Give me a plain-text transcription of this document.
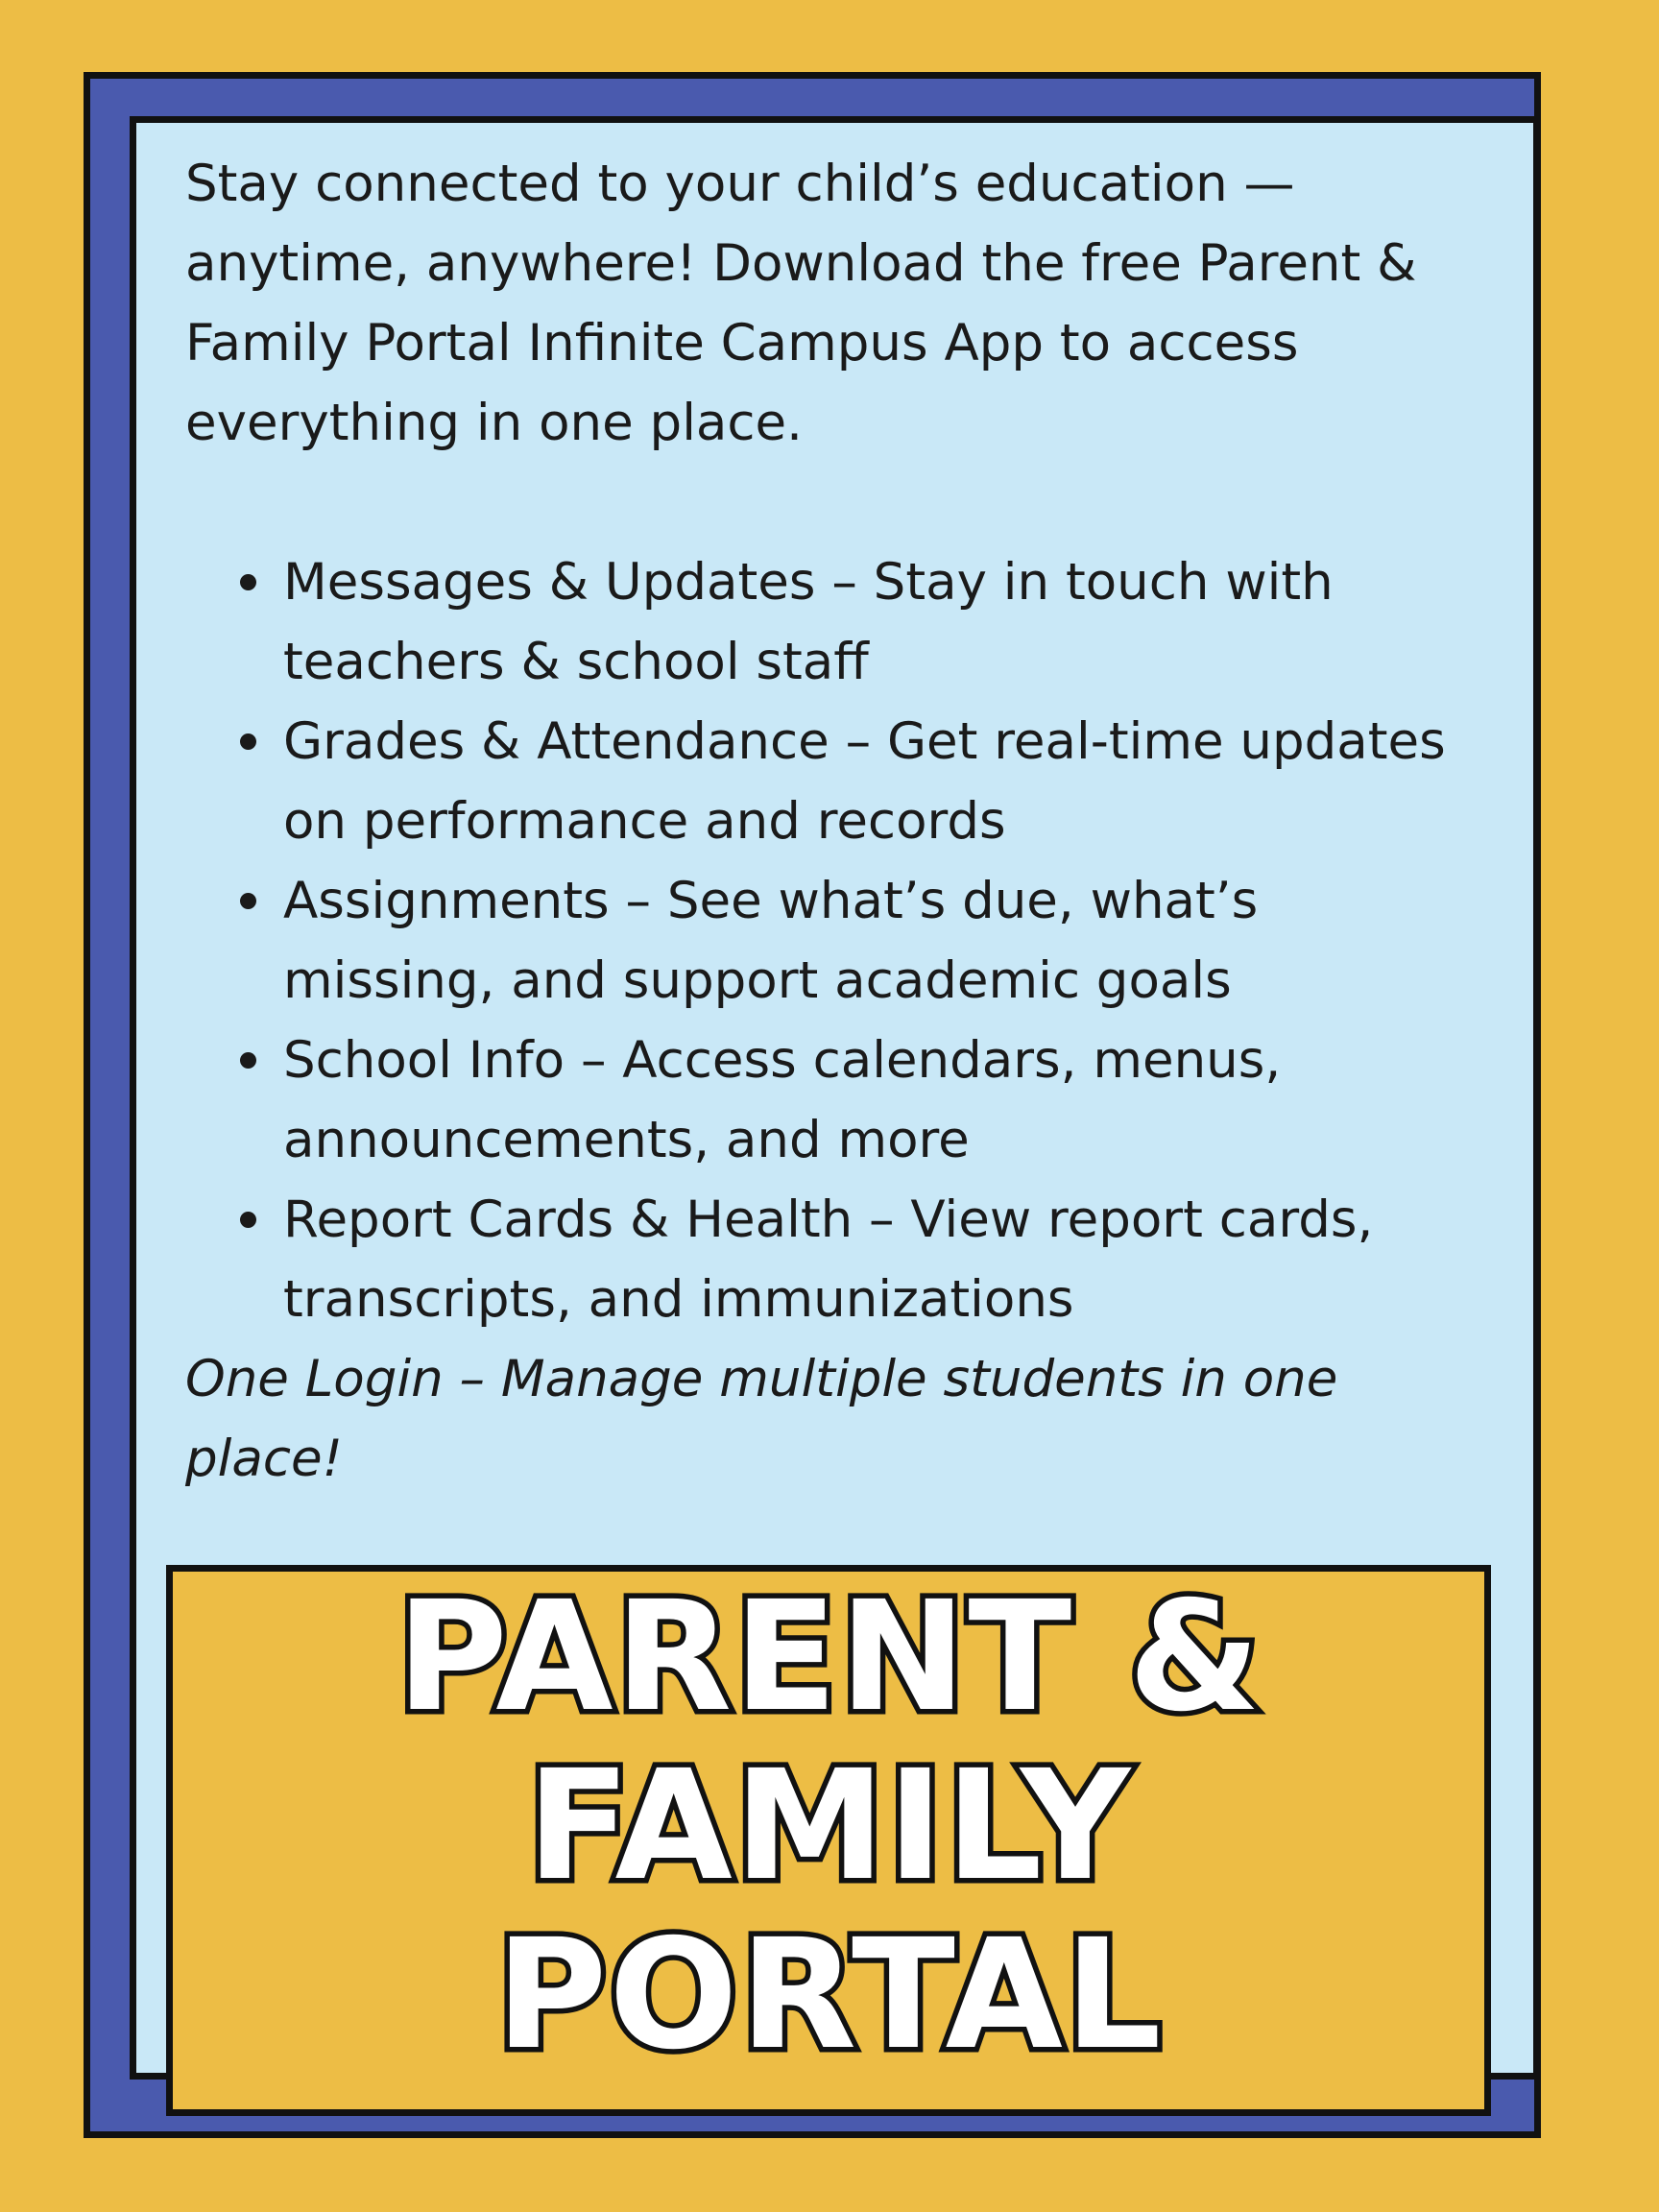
Stay connected to your child’s education — anytime, anywhere! Download the free Parent & Family Portal Infinite Campus App to access everything in one place.

Messages & Updates – Stay in touch with teachers & school staff
Grades & Attendance – Get real-time updates on performance and records
Assignments – See what’s due, what’s missing, and support academic goals
School Info – Access calendars, menus, announcements, and more
Report Cards & Health – View report cards, transcripts, and immunizations

One Login – Manage multiple students in one place!

PARENT &
FAMILY
PORTAL
